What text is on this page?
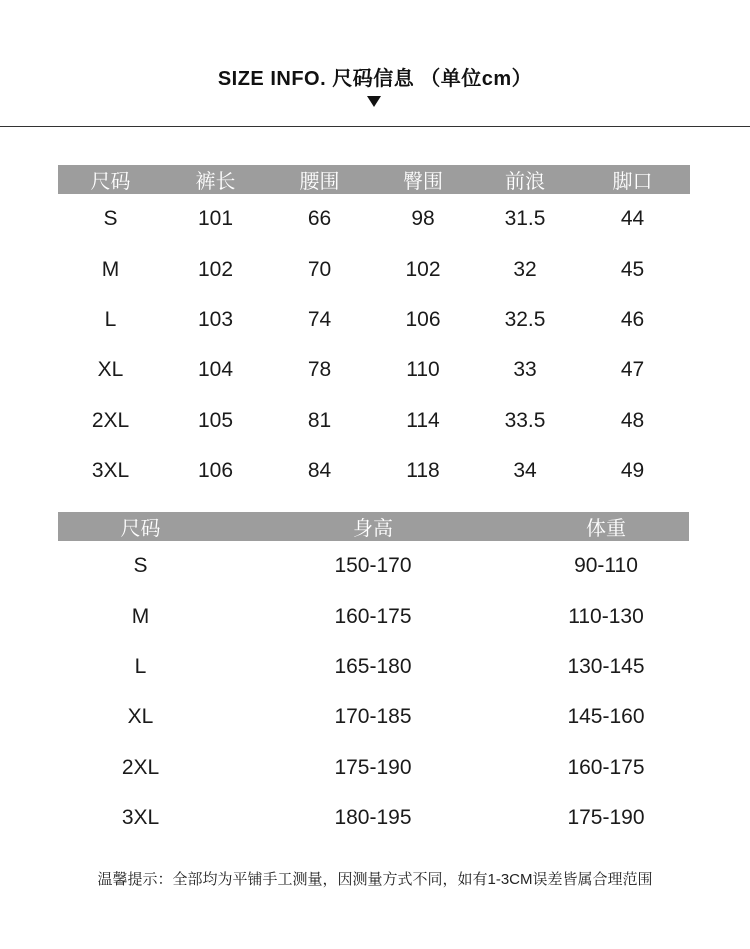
SIZE INFO. 尺码信息 （单位cm）
尺码	裤长	腰围	臀围	前浪	脚口
S	101	66	98	31.5	44
M	102	70	102	32	45
L	103	74	106	32.5	46
XL	104	78	110	33	47
2XL	105	81	114	33.5	48
3XL	106	84	118	34	49
尺码	身高	体重
S	150-170	90-110
M	160-175	110-130
L	165-180	130-145
XL	170-185	145-160
2XL	175-190	160-175
3XL	180-195	175-190
温馨提示：全部均为平铺手工测量，因测量方式不同，如有1-3CM误差皆属合理范围
